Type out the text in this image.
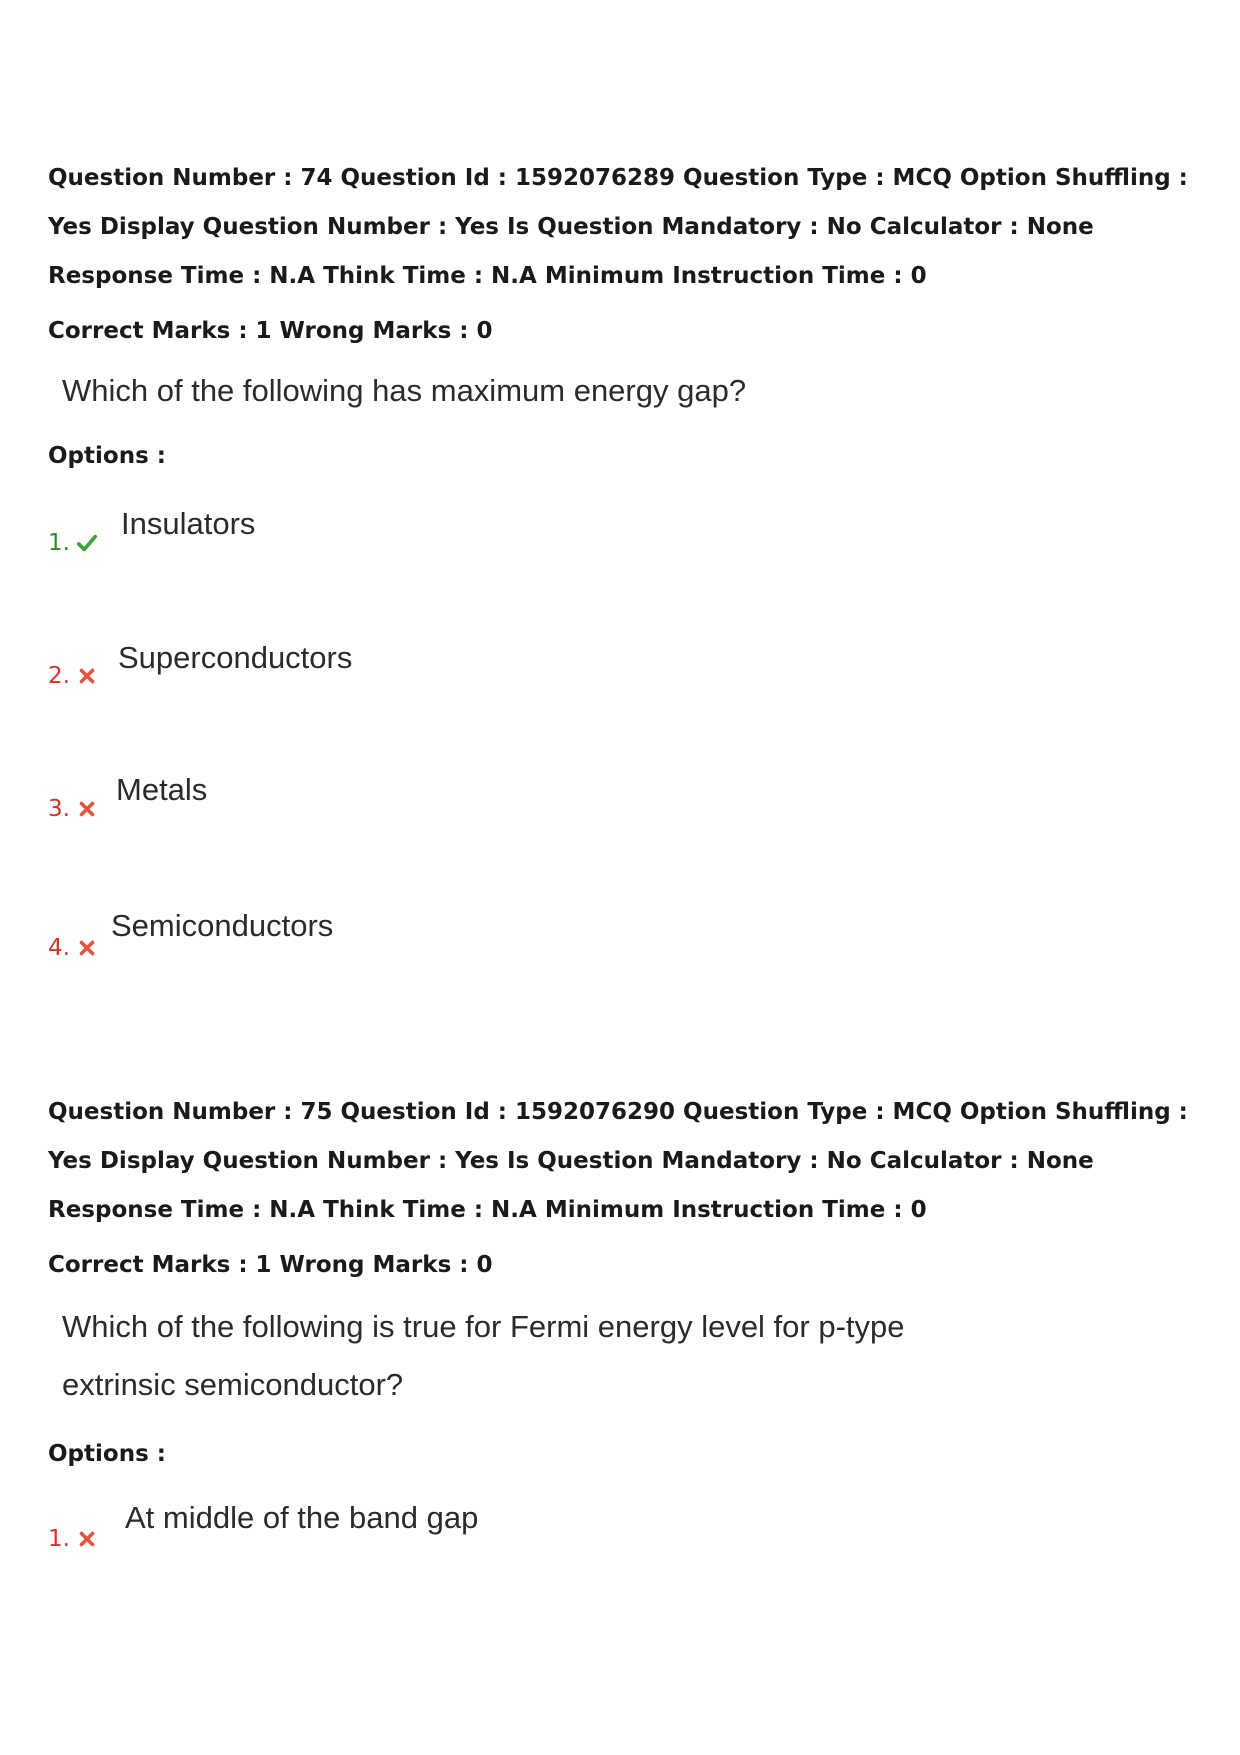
Question Number : 74 Question Id : 1592076289 Question Type : MCQ Option Shuffling : Yes Display Question Number : Yes Is Question Mandatory : No Calculator : None Response Time : N.A Think Time : N.A Minimum Instruction Time : 0
Correct Marks : 1 Wrong Marks : 0
Which of the following has maximum energy gap?
Options :
1.
Insulators
2.
Superconductors
3.
Metals
4.
Semiconductors
Question Number : 75 Question Id : 1592076290 Question Type : MCQ Option Shuffling : Yes Display Question Number : Yes Is Question Mandatory : No Calculator : None Response Time : N.A Think Time : N.A Minimum Instruction Time : 0
Correct Marks : 1 Wrong Marks : 0
Which of the following is true for Fermi energy level for p-type extrinsic semiconductor?
Options :
1.
At middle of the band gap
